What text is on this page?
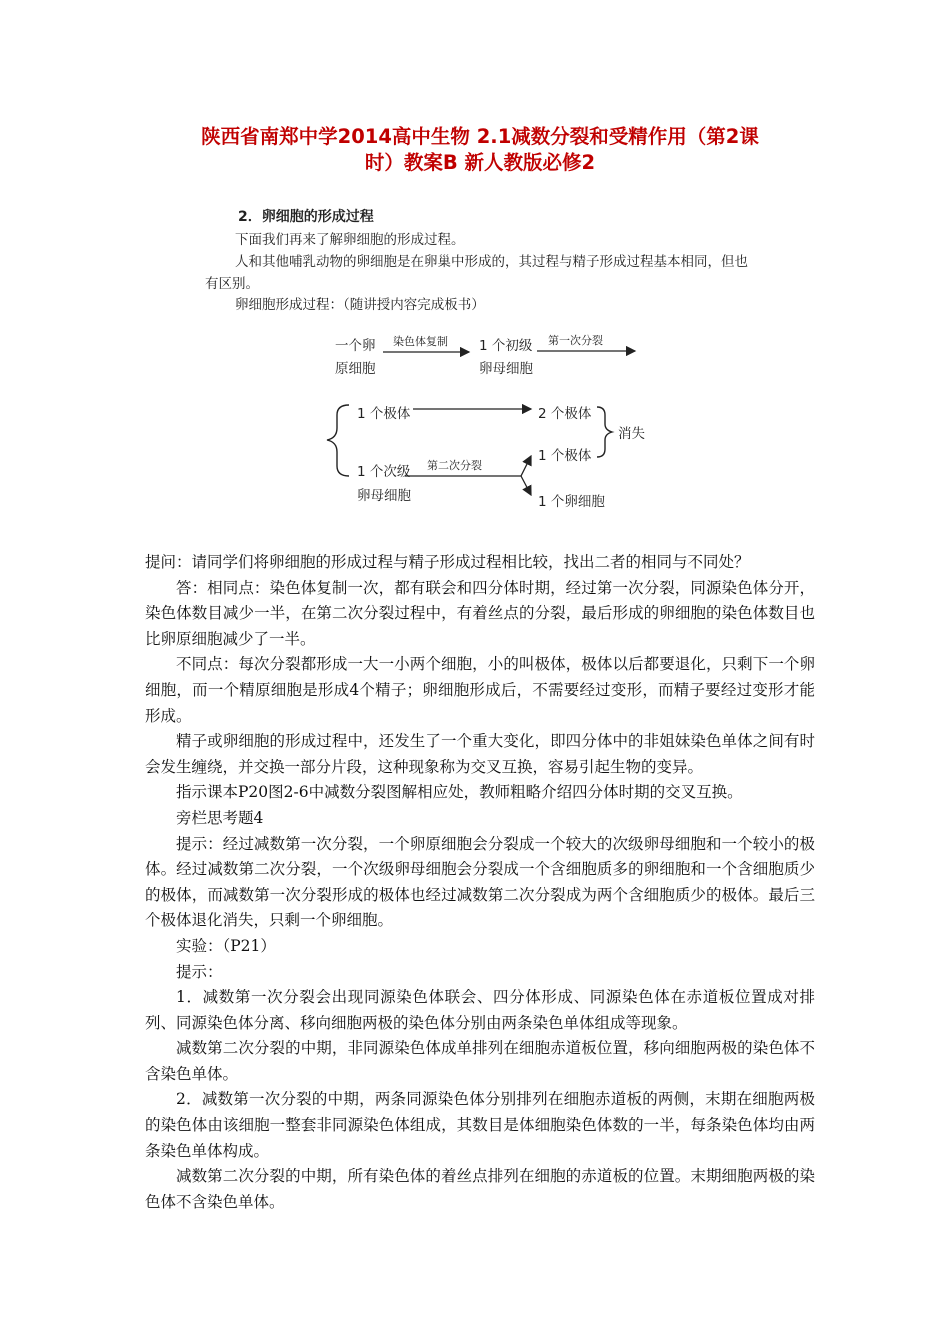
陕西省南郑中学2014高中生物 2.1减数分裂和受精作用（第2课
时）教案B 新人教版必修2
2．卵细胞的形成过程
下面我们再来了解卵细胞的形成过程。
人和其他哺乳动物的卵细胞是在卵巢中形成的，其过程与精子形成过程基本相同，但也
有区别。
卵细胞形成过程：（随讲授内容完成板书）
一个卵
原细胞
染色体复制 1 个初级
卵母细胞
第一次分裂
1 个极体	2 个极体
消失
1 个极体
1 个次级
卵母细胞
第二次分裂
1 个卵细胞

提问：请同学们将卵细胞的形成过程与精子形成过程相比较，找出二者的相同与不同处？

答：相同点：染色体复制一次，都有联会和四分体时期，经过第一次分裂，同源染色体分开，染色体数目减少一半，在第二次分裂过程中，有着丝点的分裂，最后形成的卵细胞的染色体数目也比卵原细胞减少了一半。

不同点：每次分裂都形成一大一小两个细胞，小的叫极体，极体以后都要退化，只剩下一个卵细胞，而一个精原细胞是形成4个精子；卵细胞形成后，不需要经过变形，而精子要经过变形才能形成。

精子或卵细胞的形成过程中，还发生了一个重大变化，即四分体中的非姐妹染色单体之间有时会发生缠绕，并交换一部分片段，这种现象称为交叉互换，容易引起生物的变异。

指示课本P20图2-6中减数分裂图解相应处，教师粗略介绍四分体时期的交叉互换。

旁栏思考题4

提示：经过减数第一次分裂，一个卵原细胞会分裂成一个较大的次级卵母细胞和一个较小的极体。经过减数第二次分裂，一个次级卵母细胞会分裂成一个含细胞质多的卵细胞和一个含细胞质少的极体，而减数第一次分裂形成的极体也经过减数第二次分裂成为两个含细胞质少的极体。最后三个极体退化消失，只剩一个卵细胞。

实验：（P21）

提示：

1．减数第一次分裂会出现同源染色体联会、四分体形成、同源染色体在赤道板位置成对排列、同源染色体分离、移向细胞两极的染色体分别由两条染色单体组成等现象。

减数第二次分裂的中期，非同源染色体成单排列在细胞赤道板位置，移向细胞两极的染色体不含染色单体。

2．减数第一次分裂的中期，两条同源染色体分别排列在细胞赤道板的两侧，末期在细胞两极的染色体由该细胞一整套非同源染色体组成，其数目是体细胞染色体数的一半，每条染色体均由两条染色单体构成。

减数第二次分裂的中期，所有染色体的着丝点排列在细胞的赤道板的位置。末期细胞两极的染色体不含染色单体。
